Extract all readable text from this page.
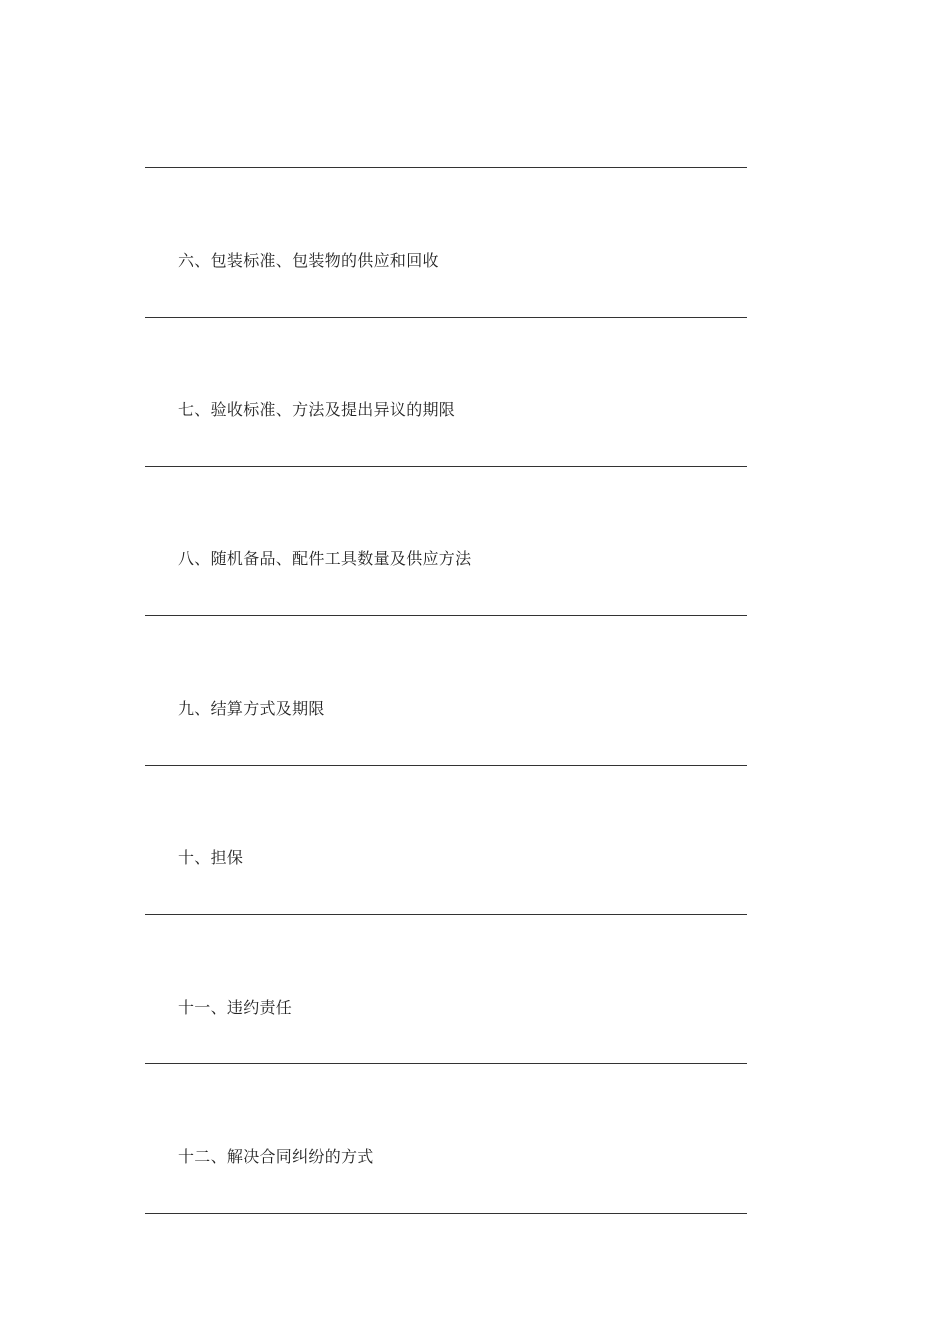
六、包装标准、包装物的供应和回收
七、验收标准、方法及提出异议的期限
八、随机备品、配件工具数量及供应方法
九、结算方式及期限
十、担保
十一、违约责任
十二、解决合同纠纷的方式
